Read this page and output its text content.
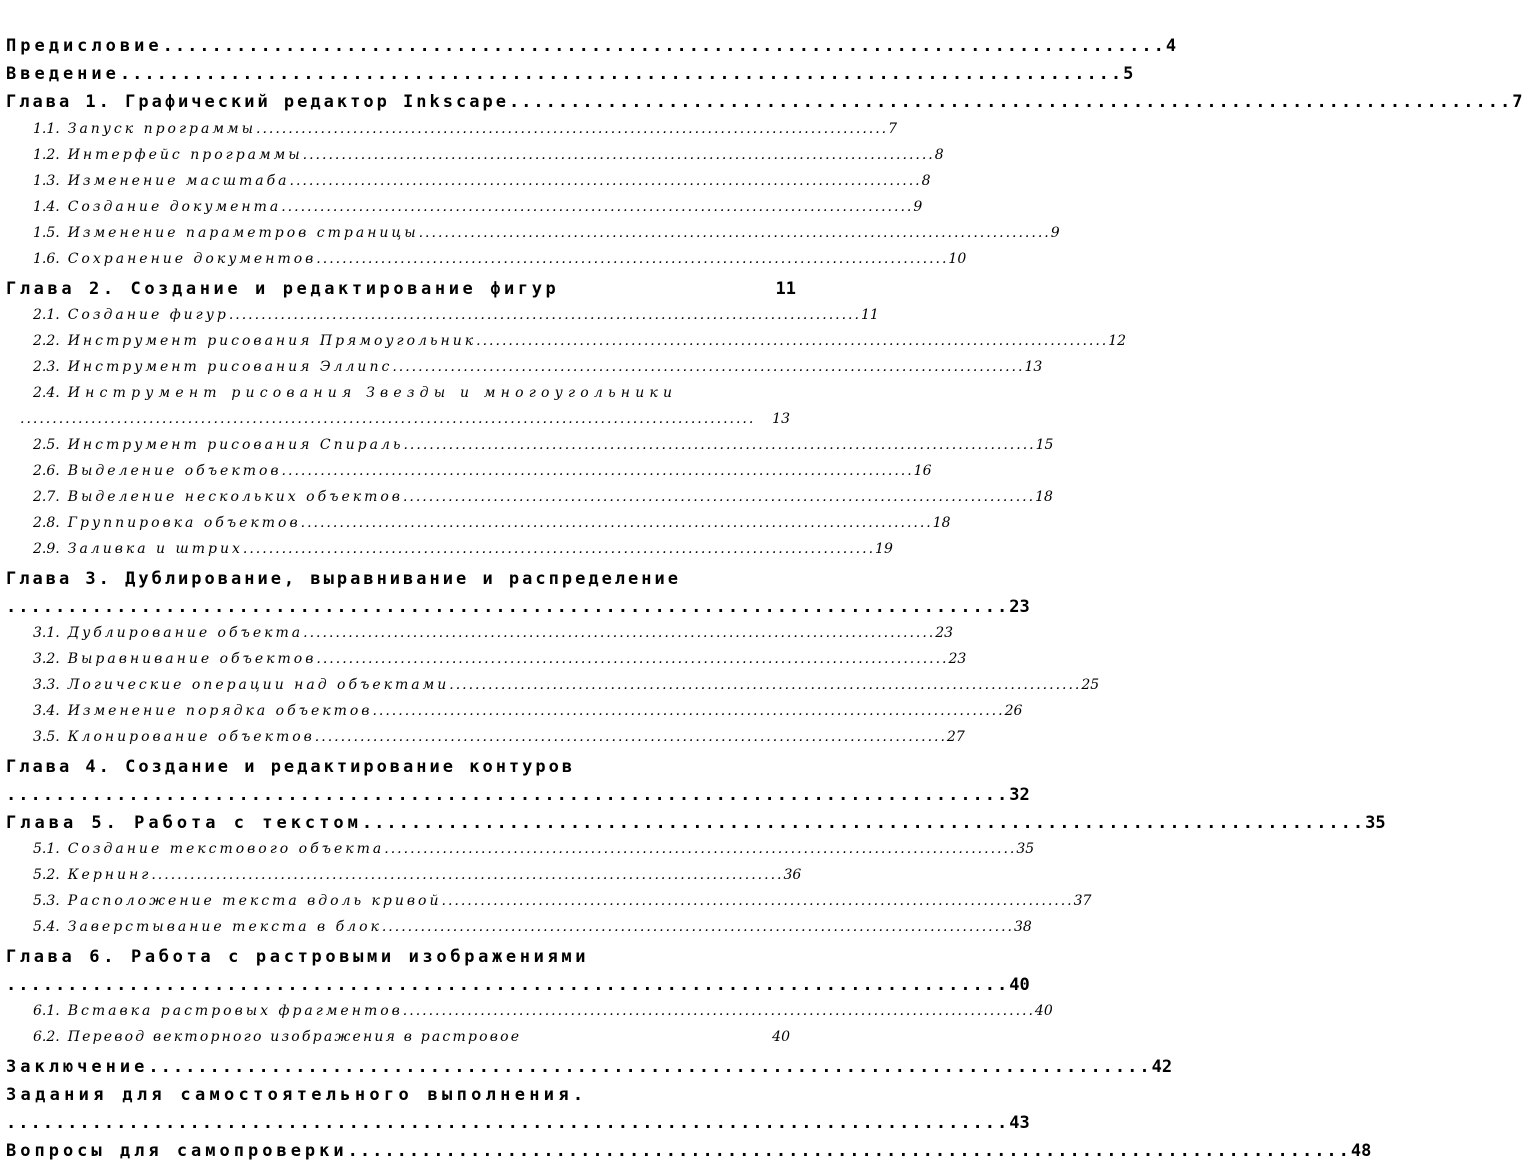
Предисловие .................................................................................. 4
Введение .................................................................................. 5
Глава 1. Графический редактор Inkscape .................................................................................. 7
1.1. Запуск программы .................................................................................................. 7
1.2. Интерфейс программы .................................................................................................. 8
1.3. Изменение масштаба .................................................................................................. 8
1.4. Создание документа .................................................................................................. 9
1.5. Изменение параметров страницы .................................................................................................. 9
1.6. Сохранение документов .................................................................................................. 10
Глава 2. Создание и редактирование фигур	11
2.1. Создание фигур .................................................................................................. 11
2.2. Инструмент рисования Прямоугольник .................................................................................................. 12
2.3. Инструмент рисования Эллипс .................................................................................................. 13
2.4. Инструмент рисования Звезды и многоугольники
..................................................................................................................	13
2.5. Инструмент рисования Спираль .................................................................................................. 15
2.6. Выделение объектов .................................................................................................. 16
2.7. Выделение нескольких объектов .................................................................................................. 18
2.8. Группировка объектов .................................................................................................. 18
2.9. Заливка и штрих .................................................................................................. 19
Глава 3. Дублирование, выравнивание и распределение
.................................................................................. 23
3.1. Дублирование объекта .................................................................................................. 23
3.2. Выравнивание объектов .................................................................................................. 23
3.3. Логические операции над объектами .................................................................................................. 25
3.4. Изменение порядка объектов .................................................................................................. 26
3.5. Клонирование объектов .................................................................................................. 27
Глава 4. Создание и редактирование контуров
.................................................................................. 32
Глава 5. Работа с текстом .................................................................................. 35
5.1. Создание текстового объекта .................................................................................................. 35
5.2. Кернинг .................................................................................................. 36
5.3. Расположение текста вдоль кривой .................................................................................................. 37
5.4. Заверстывание текста в блок .................................................................................................. 38
Глава 6. Работа с растровыми изображениями
.................................................................................. 40
6.1. Вставка растровых фрагментов .................................................................................................. 40
6.2. Перевод векторного изображения в растровое	40
Заключение .................................................................................. 42
Задания для самостоятельного выполнения.
.................................................................................. 43
Вопросы для самопроверки .................................................................................. 48
